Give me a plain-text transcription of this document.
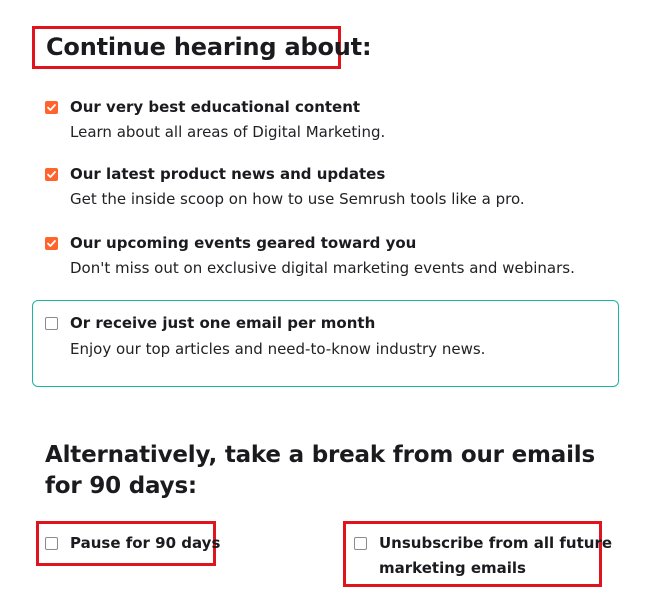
Continue hearing about:
Our very best educational content
Learn about all areas of Digital Marketing.
Our latest product news and updates
Get the inside scoop on how to use Semrush tools like a pro.
Our upcoming events geared toward you
Don't miss out on exclusive digital marketing events and webinars.
Or receive just one email per month
Enjoy our top articles and need-to-know industry news.
Alternatively, take a break from our emails for 90 days:
Pause for 90 days	Unsubscribe from all future
marketing emails
